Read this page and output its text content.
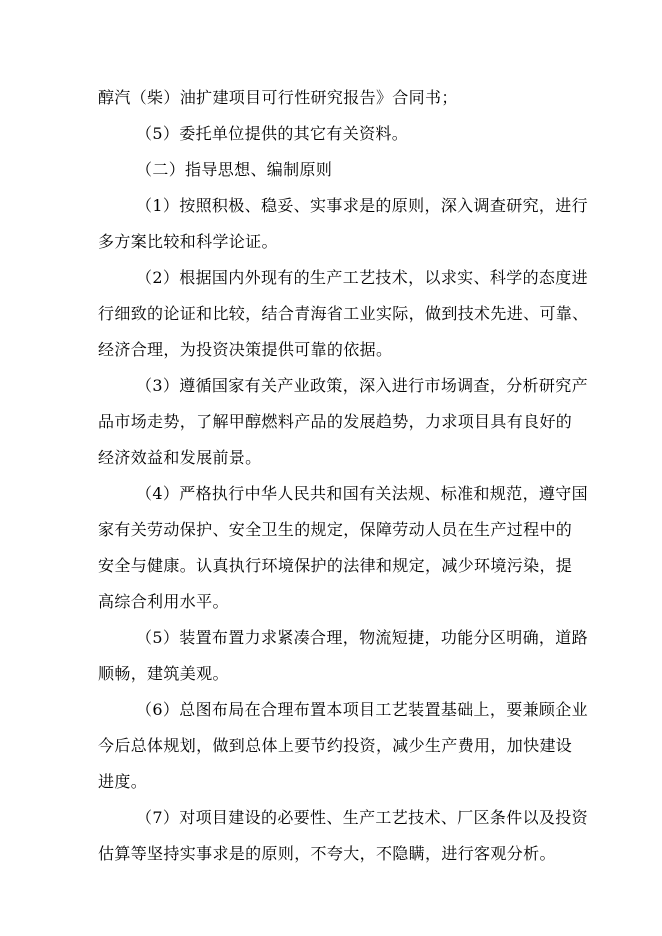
醇汽（柴）油扩建项目可行性研究报告》合同书；
（5）委托单位提供的其它有关资料。
（二）指导思想、编制原则
（1）按照积极、稳妥、实事求是的原则，深入调查研究，进行
多方案比较和科学论证。
（2）根据国内外现有的生产工艺技术，以求实、科学的态度进
行细致的论证和比较，结合青海省工业实际，做到技术先进、可靠、
经济合理，为投资决策提供可靠的依据。
（3）遵循国家有关产业政策，深入进行市场调查，分析研究产
品市场走势，了解甲醇燃料产品的发展趋势，力求项目具有良好的
经济效益和发展前景。
（4）严格执行中华人民共和国有关法规、标准和规范，遵守国
家有关劳动保护、安全卫生的规定，保障劳动人员在生产过程中的
安全与健康。认真执行环境保护的法律和规定，减少环境污染，提
高综合利用水平。
（5）装置布置力求紧凑合理，物流短捷，功能分区明确，道路
顺畅，建筑美观。
（6）总图布局在合理布置本项目工艺装置基础上，要兼顾企业
今后总体规划，做到总体上要节约投资，减少生产费用，加快建设
进度。
（7）对项目建设的必要性、生产工艺技术、厂区条件以及投资
估算等坚持实事求是的原则，不夸大，不隐瞒，进行客观分析。
